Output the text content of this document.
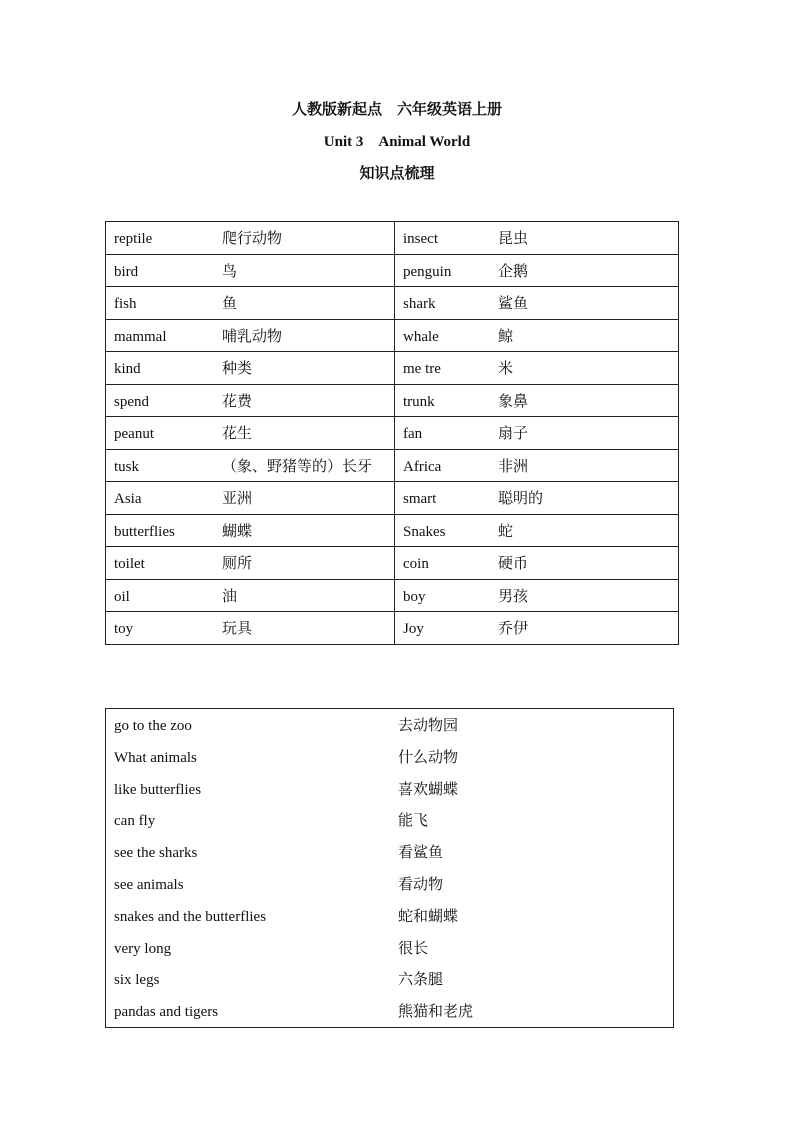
人教版新起点　六年级英语上册
Unit 3　Animal World
知识点梳理
reptile 爬行动物	insect 昆虫
bird 鸟	penguin 企鹅
fish 鱼	shark 鲨鱼
mammal 哺乳动物	whale 鲸
kind 种类	me tre 米
spend 花费	trunk 象鼻
peanut 花生	fan 扇子
tusk （象、野猪等的）长牙	Africa 非洲
Asia 亚洲	smart 聪明的
butterflies 蝴蝶	Snakes 蛇
toilet 厕所	coin 硬币
oil 油	boy 男孩
toy 玩具	Joy 乔伊
go to the zoo	去动物园
What animals	什么动物
like butterflies	喜欢蝴蝶
can fly	能飞
see the sharks	看鲨鱼
see animals	看动物
snakes and the butterflies	蛇和蝴蝶
very long	很长
six legs	六条腿
pandas and tigers	熊猫和老虎
